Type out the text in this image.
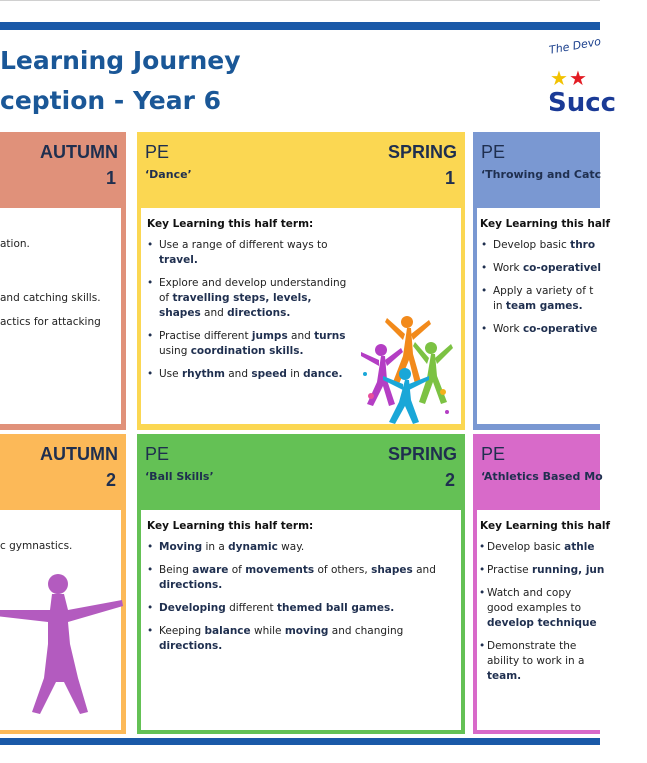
Learning Journey
ception - Year 6
The Devo
★★
Succ
AUTUMN
1
ation.
and catching skills.
actics for attacking
PE	SPRING
‘Dance’	1
Key Learning this half term:
• Use a range of different ways to travel.
• Explore and develop understanding of travelling steps, levels, shapes and directions.
• Practise different jumps and turns using coordination skills.
• Use rhythm and speed in dance.
PE
‘Throwing and Catc
Key Learning this half
• Develop basic thro
• Work co-operativel
• Apply a variety of t
in team games.
• Work co-operative
AUTUMN
2
c gymnastics.
PE	SPRING
‘Ball Skills’	2
Key Learning this half term:
• Moving in a dynamic way.
• Being aware of movements of others, shapes and directions.
• Developing different themed ball games.
• Keeping balance while moving and changing directions.
PE
‘Athletics Based Mo
Key Learning this half
• Develop basic athle
• Practise running, jun
• Watch and copy
good examples to
develop technique
• Demonstrate the
ability to work in a
team.
